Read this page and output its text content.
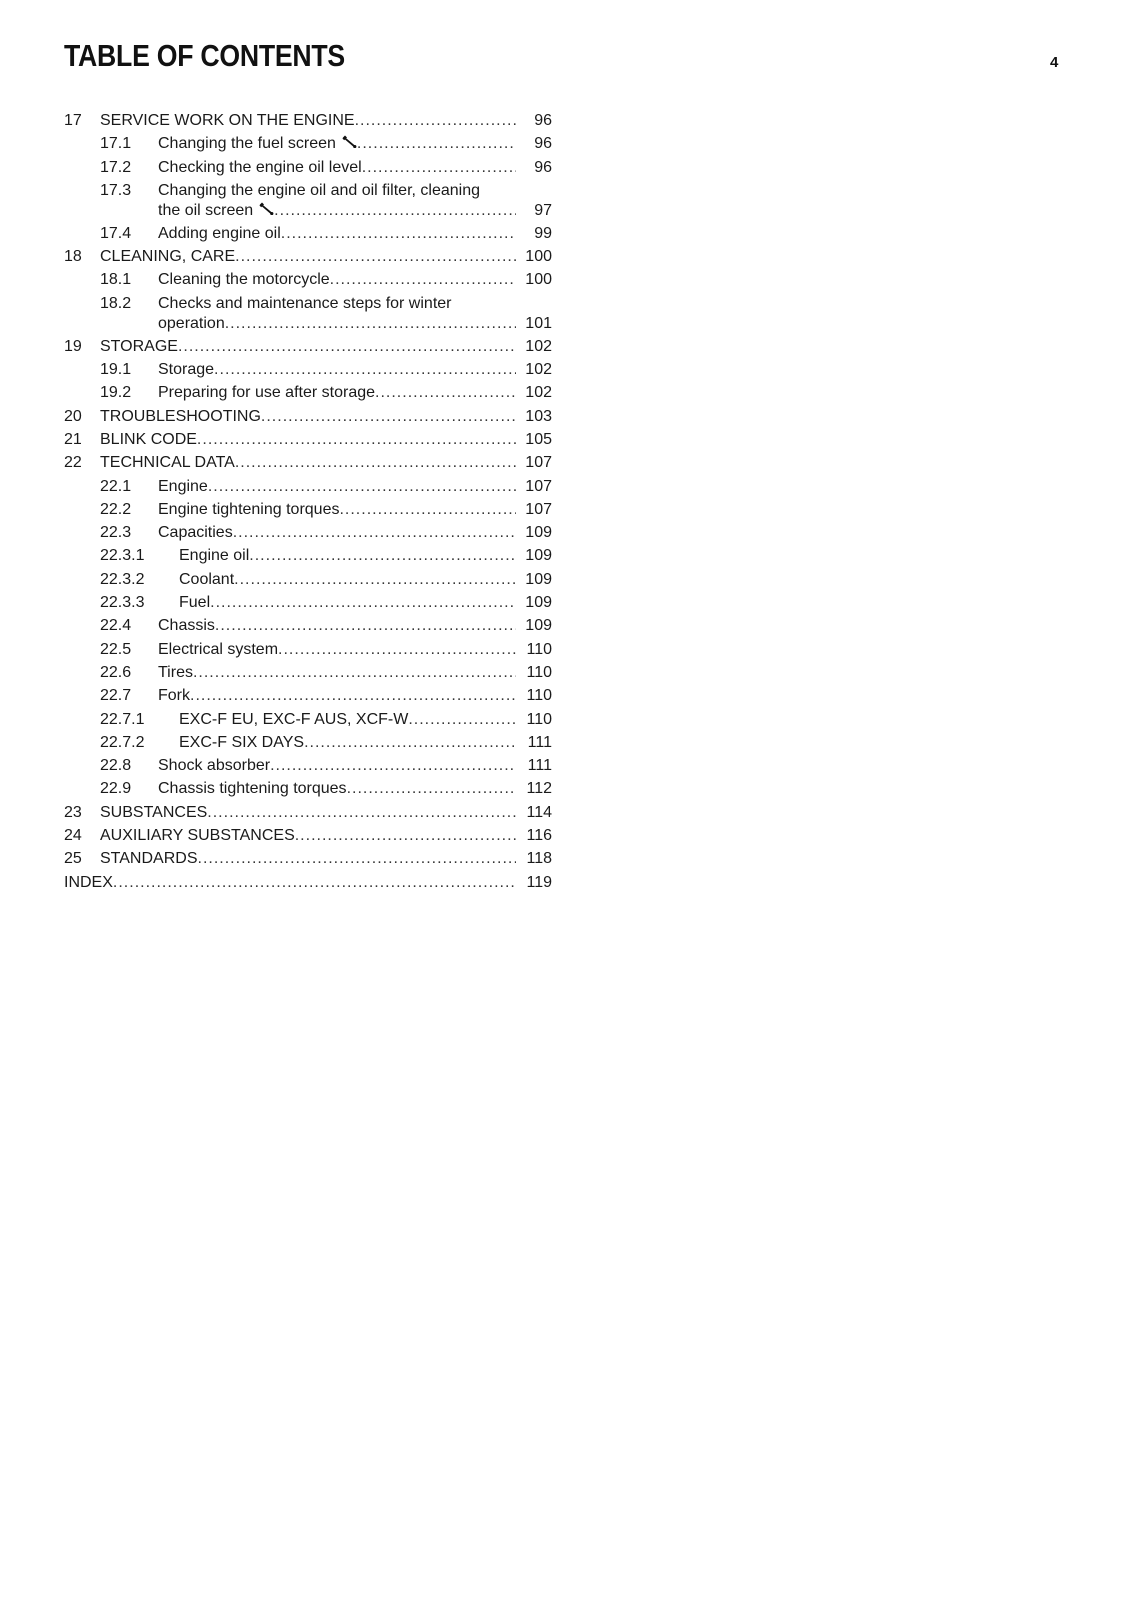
TABLE OF CONTENTS	4
17 SERVICE WORK ON THE ENGINE .....	96
17.1 Changing the fuel screen .....	96
17.2 Checking the engine oil level .....	96
17.3 Changing the engine oil and oil filter, cleaning
the oil screen .....	97
17.4 Adding engine oil .....	99
18 CLEANING, CARE .....	100
18.1 Cleaning the motorcycle .....	100
18.2 Checks and maintenance steps for winter
operation .....	101
19 STORAGE .....	102
19.1 Storage .....	102
19.2 Preparing for use after storage .....	102
20 TROUBLESHOOTING .....	103
21 BLINK CODE .....	105
22 TECHNICAL DATA .....	107
22.1 Engine .....	107
22.2 Engine tightening torques .....	107
22.3 Capacities .....	109
22.3.1 Engine oil .....	109
22.3.2 Coolant .....	109
22.3.3 Fuel .....	109
22.4 Chassis .....	109
22.5 Electrical system .....	110
22.6 Tires .....	110
22.7 Fork .....	110
22.7.1 EXC-F EU, EXC-F AUS, XCF-W .....	110
22.7.2 EXC-F SIX DAYS .....	111
22.8 Shock absorber .....	111
22.9 Chassis tightening torques .....	112
23 SUBSTANCES .....	114
24 AUXILIARY SUBSTANCES .....	116
25 STANDARDS .....	118
INDEX .....	119
